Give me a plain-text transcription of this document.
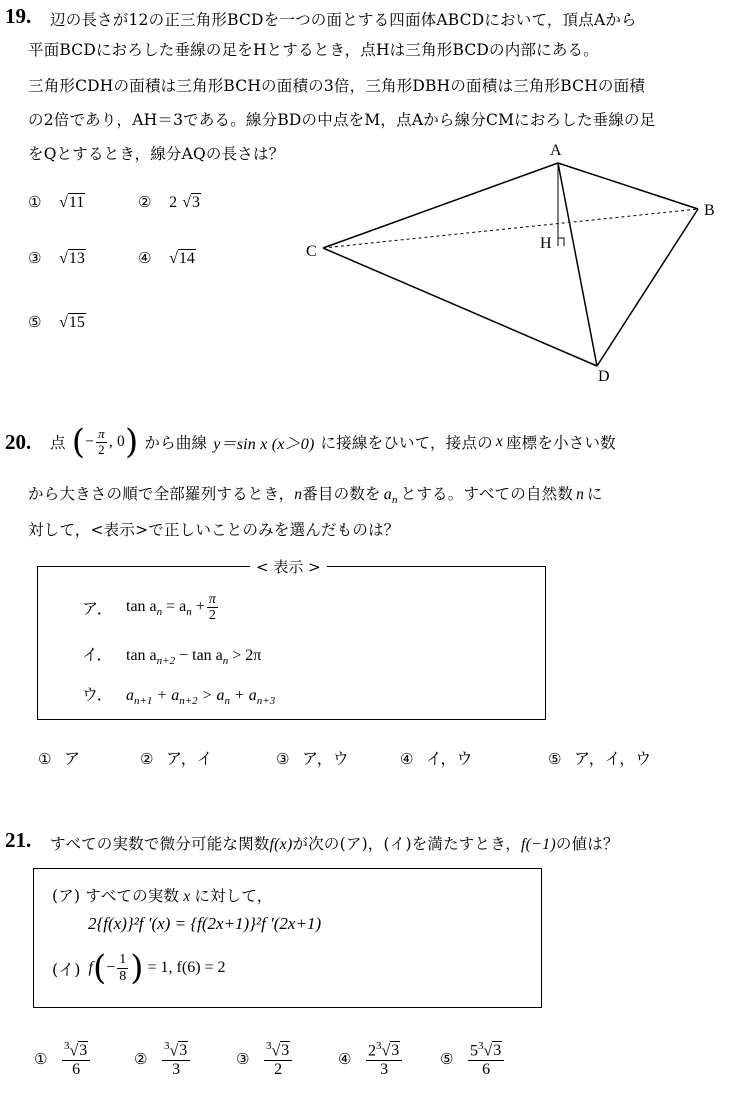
19. 辺の長さが12の正三角形BCDを一つの面とする四面体ABCDにおいて，頂点Aから
平面BCDにおろした垂線の足をHとするとき，点Hは三角形BCDの内部にある。
三角形CDHの面積は三角形BCHの面積の3倍，三角形DBHの面積は三角形BCHの面積
の2倍であり，AH＝3である。線分BDの中点をM，点Aから線分CMにおろした垂線の足
をQとするとき，線分AQの長さは？
① √11	② 2 √3
③ √13	④ √14
⑤ √15
A
B
C
D
H
20. 点 ( − $\frac{\pi}{2}$ , 0 ) から曲線 y＝sin x (x＞0) に接線をひいて，接点の x 座標を小さい数
から大きさの順で全部羅列するとき，n番目の数を $a_n$ とする。すべての自然数 n に
対して，<表示>で正しいことのみを選んだものは？
< 表示 >
ア． $\tan a_n = a_n + \frac{\pi}{2}$
イ． $\tan a_{n+2} - \tan a_n > 2\pi$
ウ． $a_{n+1} + a_{n+2} > a_n + a_{n+3}$
① ア	② ア，イ	③ ア，ウ	④ イ，ウ	⑤ ア，イ，ウ
21. すべての実数で微分可能な関数f(x)が次の(ア)，(イ)を満たすとき，f(−1)の値は？
(ア) すべての実数 x に対して，
2{f(x)}²f ′(x) = {f(2x+1)}²f ′(2x+1)
(イ) f ( − $\frac{1}{8}$ ) = 1, f(6) = 2
①	$\frac{^3√3}{6}$	②	$\frac{^3√3}{3}$	③	$\frac{^3√3}{2}$	④ $\frac{2^3√3}{3}$	⑤ $\frac{5^3√3}{6}$
